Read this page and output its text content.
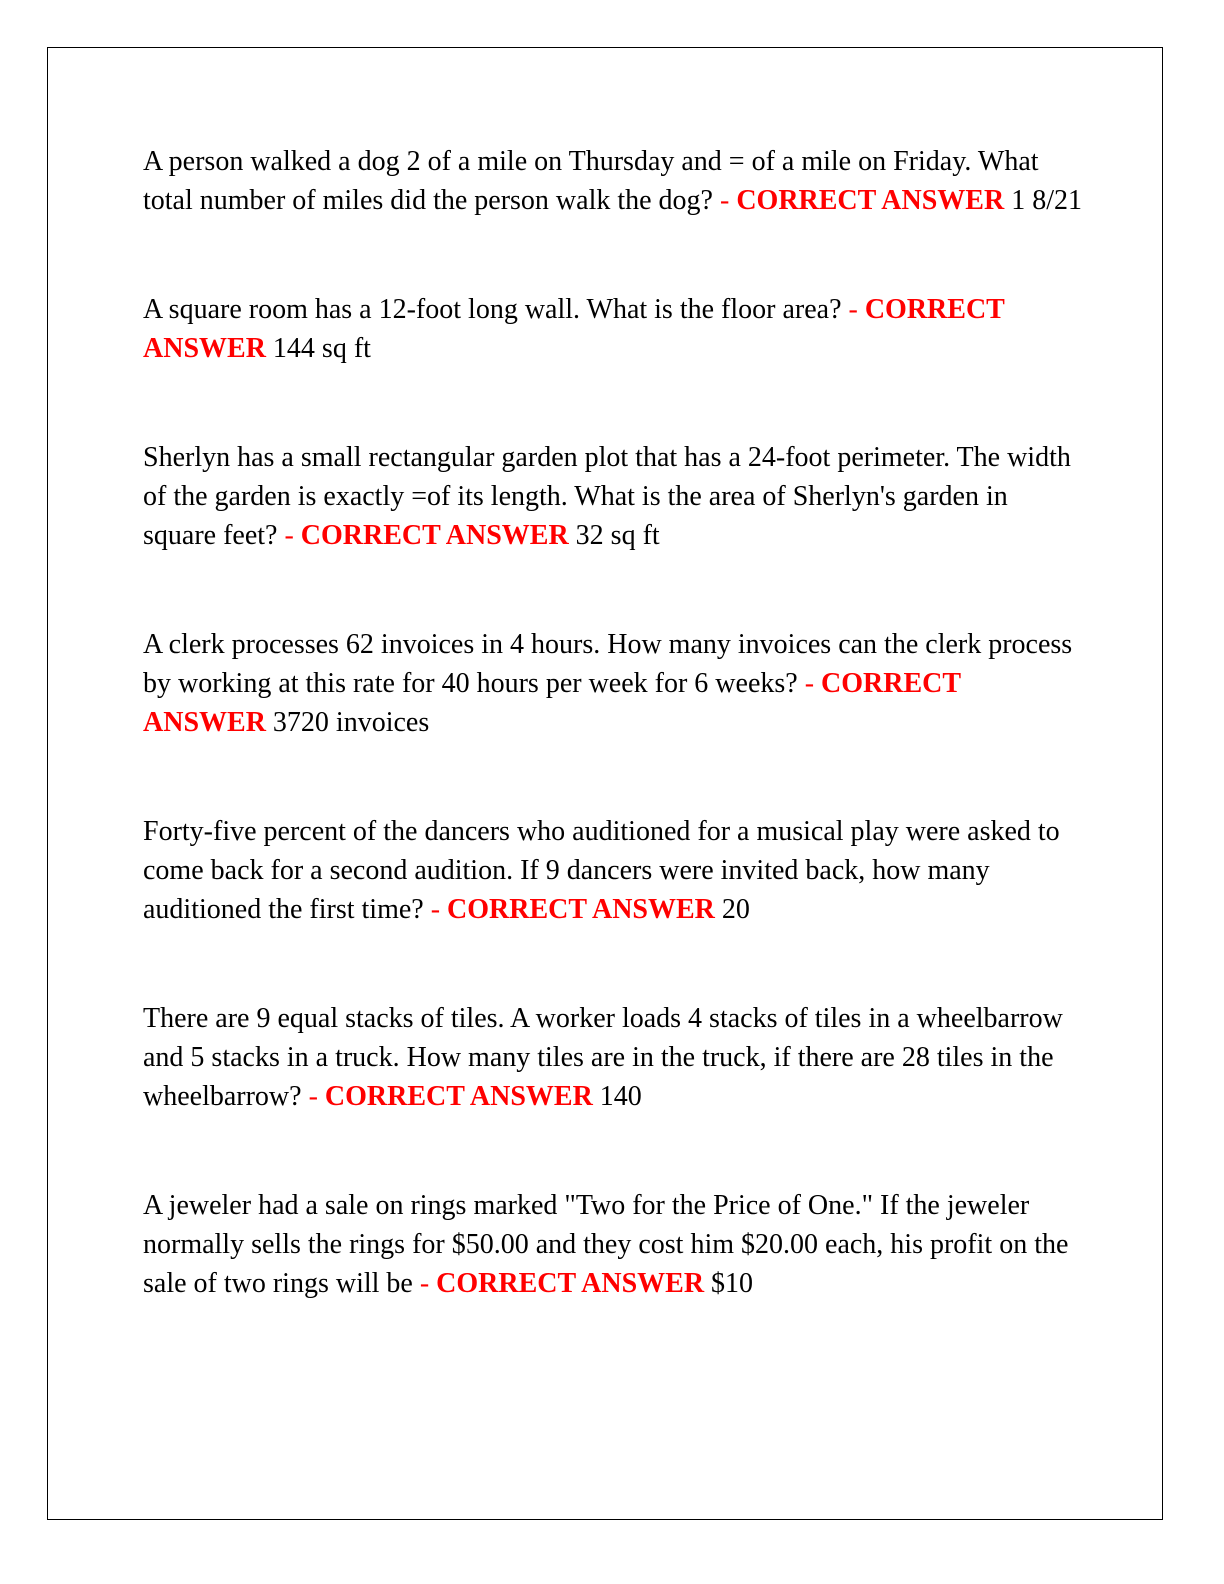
A person walked a dog 2 of a mile on Thursday and = of a mile on Friday. What total number of miles did the person walk the dog? - CORRECT ANSWER 1 8/21

A square room has a 12-foot long wall. What is the floor area? - CORRECT ANSWER 144 sq ft

Sherlyn has a small rectangular garden plot that has a 24-foot perimeter. The width of the garden is exactly =of its length. What is the area of Sherlyn's garden in square feet? - CORRECT ANSWER 32 sq ft

A clerk processes 62 invoices in 4 hours. How many invoices can the clerk process by working at this rate for 40 hours per week for 6 weeks? - CORRECT ANSWER 3720 invoices

Forty-five percent of the dancers who auditioned for a musical play were asked to come back for a second audition. If 9 dancers were invited back, how many auditioned the first time? - CORRECT ANSWER 20

There are 9 equal stacks of tiles. A worker loads 4 stacks of tiles in a wheelbarrow and 5 stacks in a truck. How many tiles are in the truck, if there are 28 tiles in the wheelbarrow? - CORRECT ANSWER 140

A jeweler had a sale on rings marked "Two for the Price of One." If the jeweler normally sells the rings for $50.00 and they cost him $20.00 each, his profit on the sale of two rings will be - CORRECT ANSWER $10
